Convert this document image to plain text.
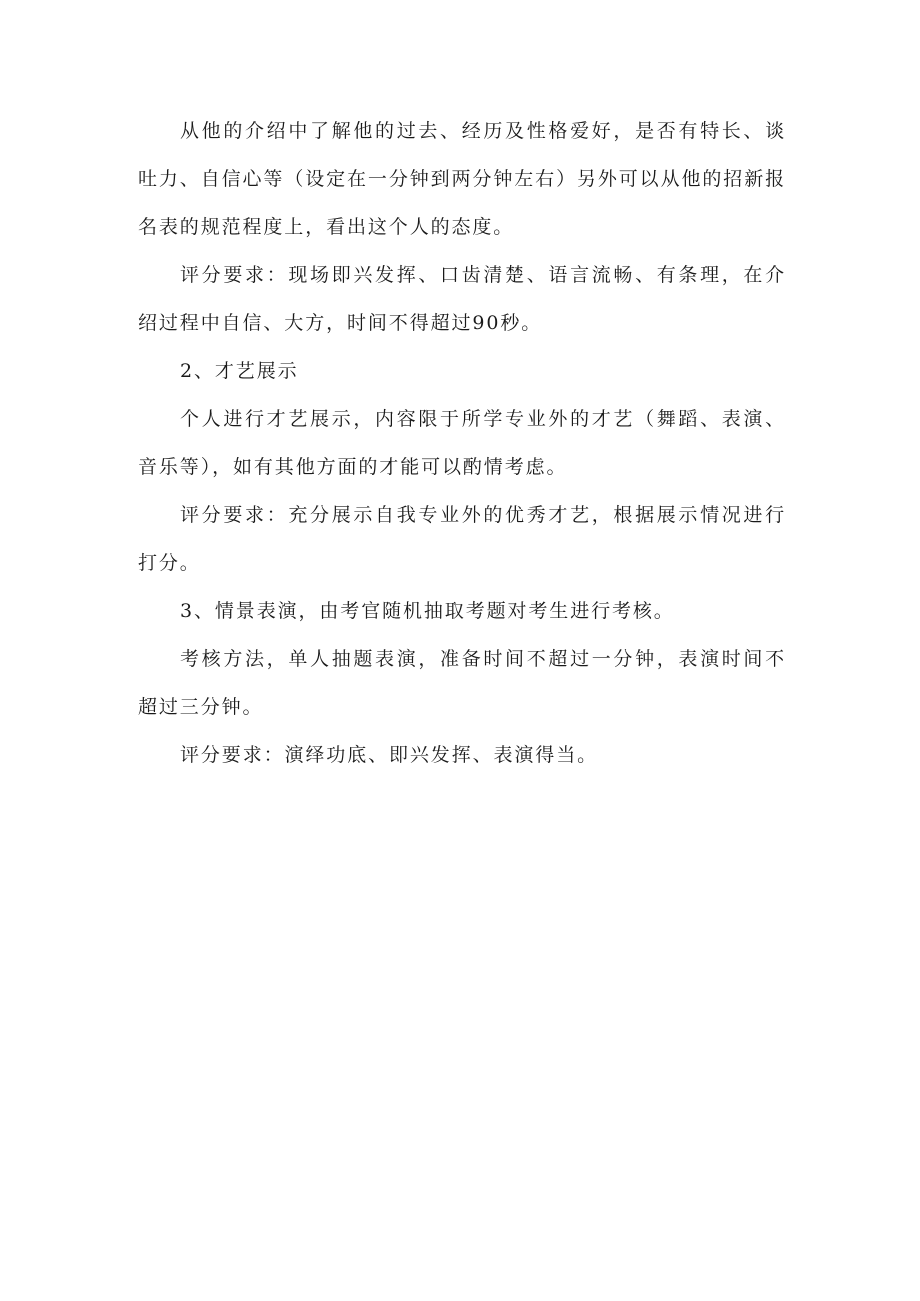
从他的介绍中了解他的过去、经历及性格爱好，是否有特长、谈吐力、自信心等（设定在一分钟到两分钟左右）另外可以从他的招新报名表的规范程度上，看出这个人的态度。

评分要求：现场即兴发挥、口齿清楚、语言流畅、有条理，在介绍过程中自信、大方，时间不得超过90秒。

2、才艺展示

个人进行才艺展示，内容限于所学专业外的才艺（舞蹈、表演、音乐等），如有其他方面的才能可以酌情考虑。

评分要求：充分展示自我专业外的优秀才艺，根据展示情况进行打分。

3、情景表演，由考官随机抽取考题对考生进行考核。

考核方法，单人抽题表演，准备时间不超过一分钟，表演时间不超过三分钟。

评分要求：演绎功底、即兴发挥、表演得当。
